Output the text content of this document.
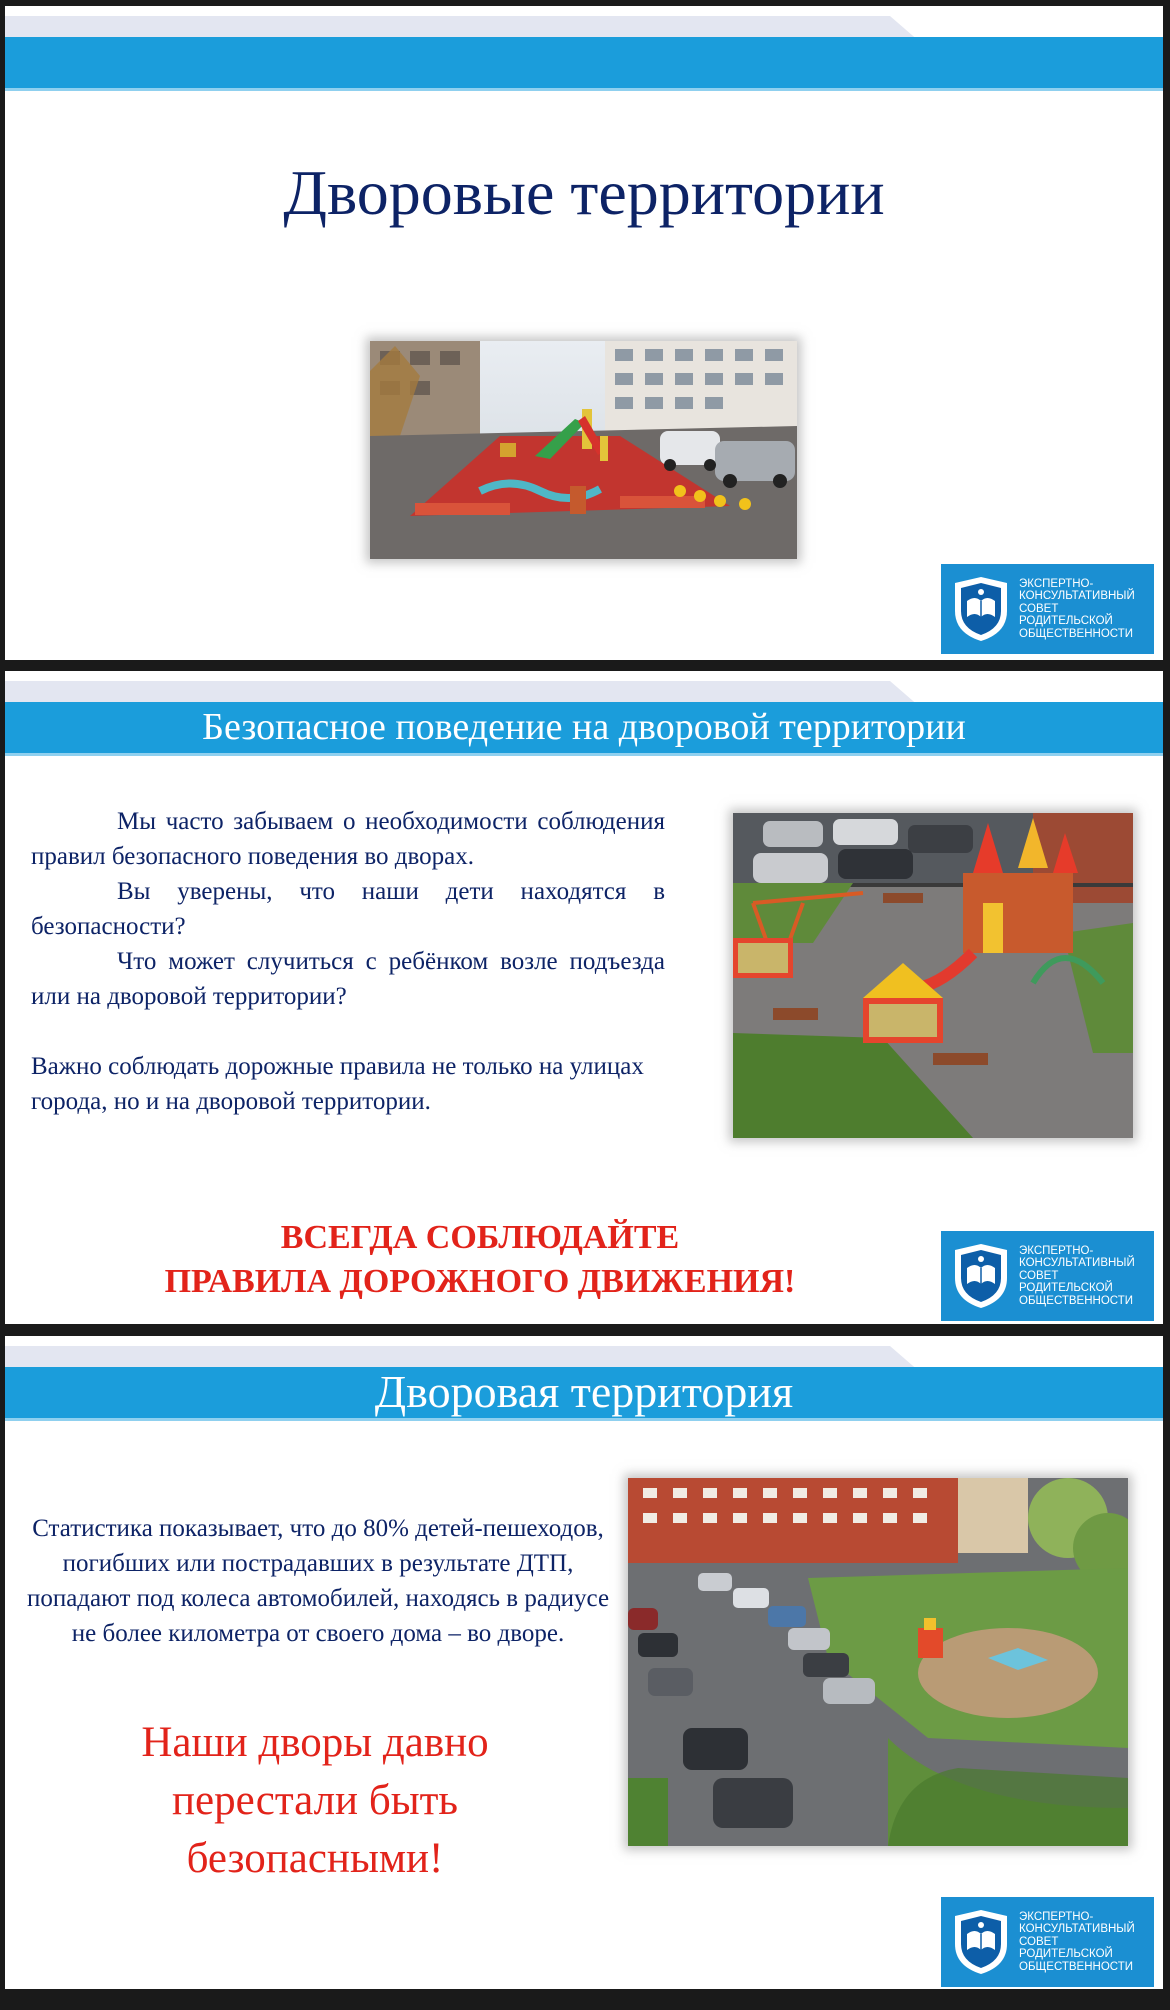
Дворовые территории
ЭКСПЕРТНО-
КОНСУЛЬТАТИВНЫЙ
СОВЕТ
РОДИТЕЛЬСКОЙ
ОБЩЕСТВЕННОСТИ
Безопасное поведение на дворовой территории

Мы часто забываем о необходимости соблюдения правил безопасного поведения во дворах.

Вы уверены, что наши дети находятся в безопасности?

Что может случиться с ребёнком возле подъезда или на дворовой территории?

Важно соблюдать дорожные правила не только на улицах города, но и на дворовой территории.

ВСЕГДА СОБЛЮДАЙТЕ
ПРАВИЛА ДОРОЖНОГО ДВИЖЕНИЯ!
ЭКСПЕРТНО-
КОНСУЛЬТАТИВНЫЙ
СОВЕТ
РОДИТЕЛЬСКОЙ
ОБЩЕСТВЕННОСТИ
Дворовая территория
Статистика показывает, что до 80% детей-пешеходов, погибших или пострадавших в результате ДТП, попадают под колеса автомобилей, находясь в радиусе не более километра от своего дома – во дворе.
Наши дворы давно
перестали быть
безопасными!
ЭКСПЕРТНО-
КОНСУЛЬТАТИВНЫЙ
СОВЕТ
РОДИТЕЛЬСКОЙ
ОБЩЕСТВЕННОСТИ
